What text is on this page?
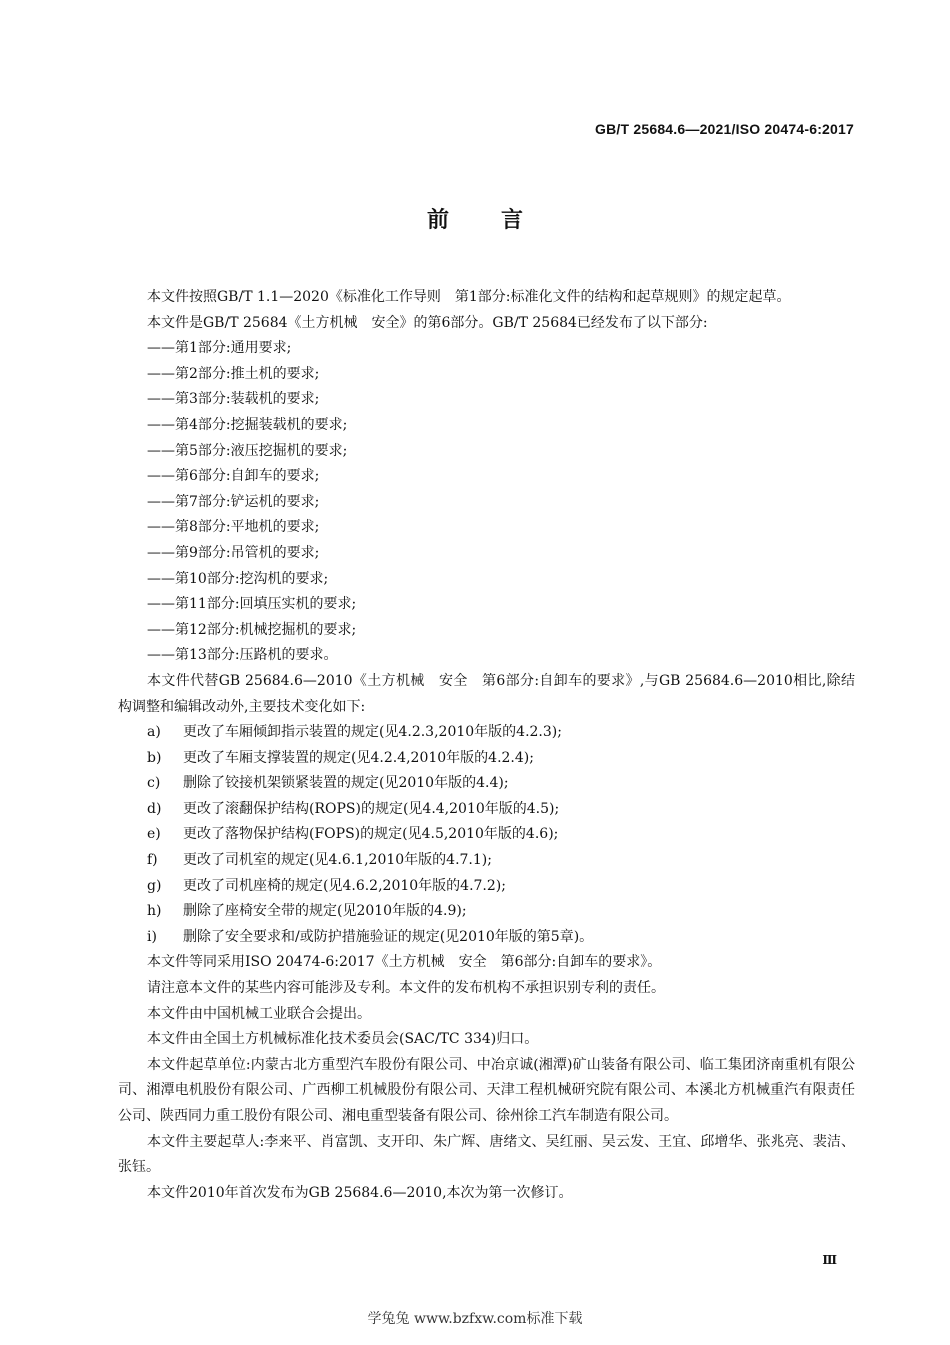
GB/T 25684.6—2021/ISO 20474-6:2017
前言

本文件按照GB/T 1.1—2020《标准化工作导则　第1部分:标准化文件的结构和起草规则》的规定起草。

本文件是GB/T 25684《土方机械　安全》的第6部分。GB/T 25684已经发布了以下部分:

——第1部分:通用要求;
——第2部分:推土机的要求;
——第3部分:装载机的要求;
——第4部分:挖掘装载机的要求;
——第5部分:液压挖掘机的要求;
——第6部分:自卸车的要求;
——第7部分:铲运机的要求;
——第8部分:平地机的要求;
——第9部分:吊管机的要求;
——第10部分:挖沟机的要求;
——第11部分:回填压实机的要求;
——第12部分:机械挖掘机的要求;
——第13部分:压路机的要求。

本文件代替GB 25684.6—2010《土方机械　安全　第6部分:自卸车的要求》,与GB 25684.6—2010相比,除结构调整和编辑改动外,主要技术变化如下:

a) 更改了车厢倾卸指示装置的规定(见4.2.3,2010年版的4.2.3);
b) 更改了车厢支撑装置的规定(见4.2.4,2010年版的4.2.4);
c) 删除了铰接机架锁紧装置的规定(见2010年版的4.4);
d) 更改了滚翻保护结构(ROPS)的规定(见4.4,2010年版的4.5);
e) 更改了落物保护结构(FOPS)的规定(见4.5,2010年版的4.6);
f) 更改了司机室的规定(见4.6.1,2010年版的4.7.1);
g) 更改了司机座椅的规定(见4.6.2,2010年版的4.7.2);
h) 删除了座椅安全带的规定(见2010年版的4.9);
i) 删除了安全要求和/或防护措施验证的规定(见2010年版的第5章)。

本文件等同采用ISO 20474-6:2017《土方机械　安全　第6部分:自卸车的要求》。

请注意本文件的某些内容可能涉及专利。本文件的发布机构不承担识别专利的责任。

本文件由中国机械工业联合会提出。

本文件由全国土方机械标准化技术委员会(SAC/TC 334)归口。

本文件起草单位:内蒙古北方重型汽车股份有限公司、中冶京诚(湘潭)矿山装备有限公司、临工集团济南重机有限公司、湘潭电机股份有限公司、广西柳工机械股份有限公司、天津工程机械研究院有限公司、本溪北方机械重汽有限责任公司、陕西同力重工股份有限公司、湘电重型装备有限公司、徐州徐工汽车制造有限公司。

本文件主要起草人:李来平、肖富凯、支开印、朱广辉、唐绪文、吴红丽、吴云发、王宜、邱增华、张兆亮、裴洁、张钰。

本文件2010年首次发布为GB 25684.6—2010,本次为第一次修订。

Ⅲ
学兔兔 www.bzfxw.com标准下载
